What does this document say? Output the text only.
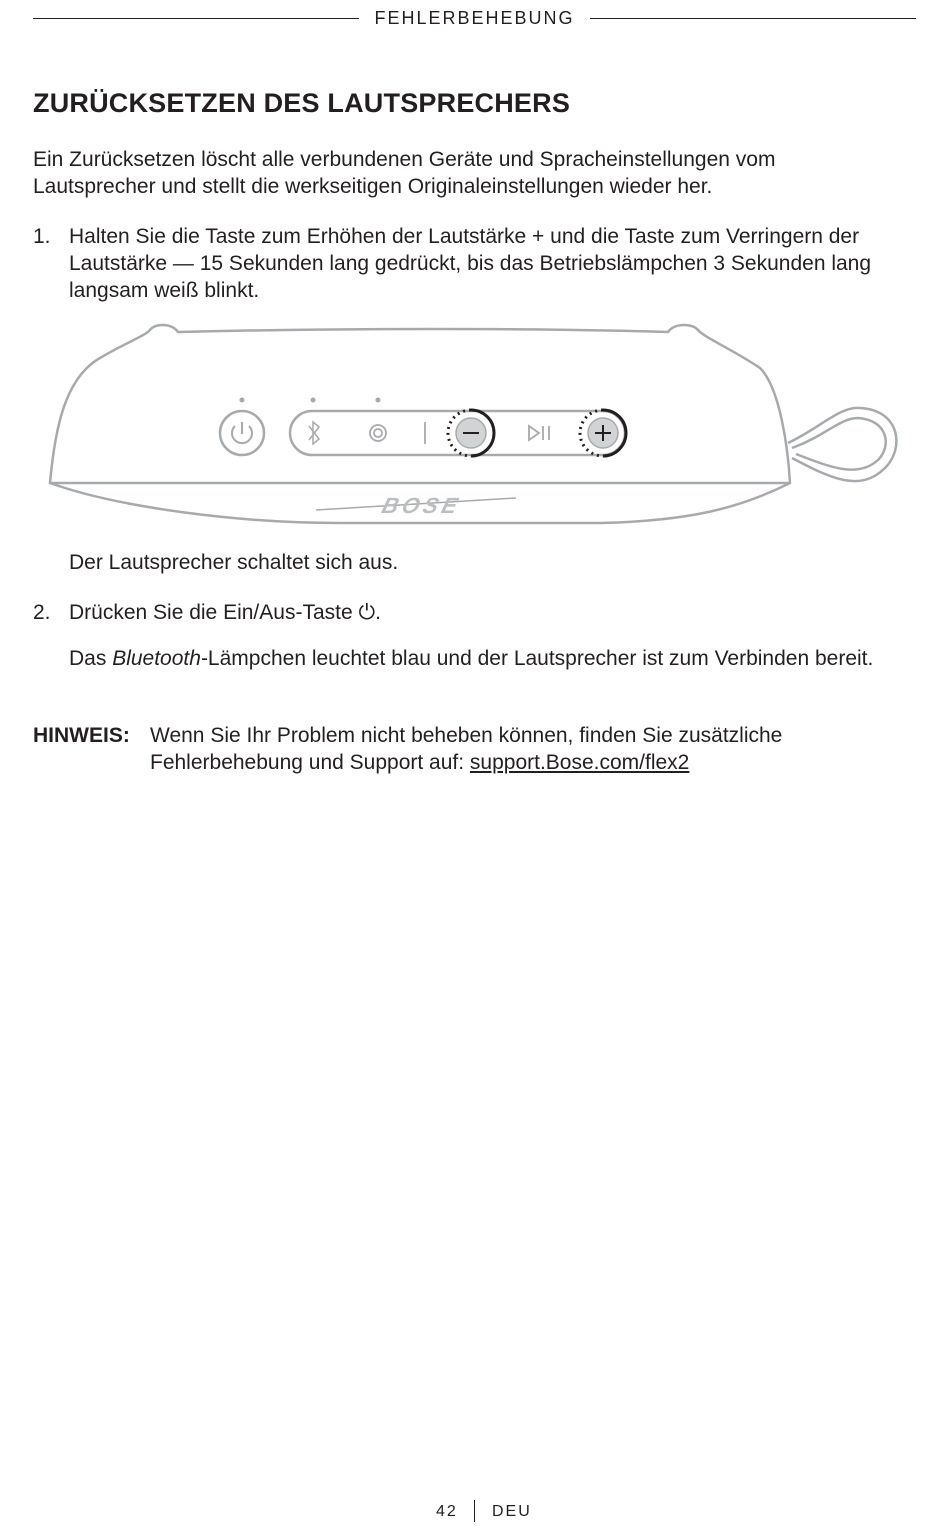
FEHLERBEHEBUNG
ZURÜCKSETZEN DES LAUTSPRECHERS

Ein Zurücksetzen löscht alle verbundenen Geräte und Spracheinstellungen vom Lautsprecher und stellt die werkseitigen Originaleinstellungen wieder her.

1. Halten Sie die Taste zum Erhöhen der Lautstärke + und die Taste zum Verringern der Lautstärke — 15 Sekunden lang gedrückt, bis das Betriebslämpchen 3 Sekunden lang langsam weiß blinkt.

BOSE

Der Lautsprecher schaltet sich aus.

2. Drücken Sie die Ein/Aus-Taste ⏻.

Das Bluetooth-Lämpchen leuchtet blau und der Lautsprecher ist zum Verbinden bereit.

HINWEIS: Wenn Sie Ihr Problem nicht beheben können, finden Sie zusätzliche Fehlerbehebung und Support auf: support.Bose.com/flex2

42 DEU
